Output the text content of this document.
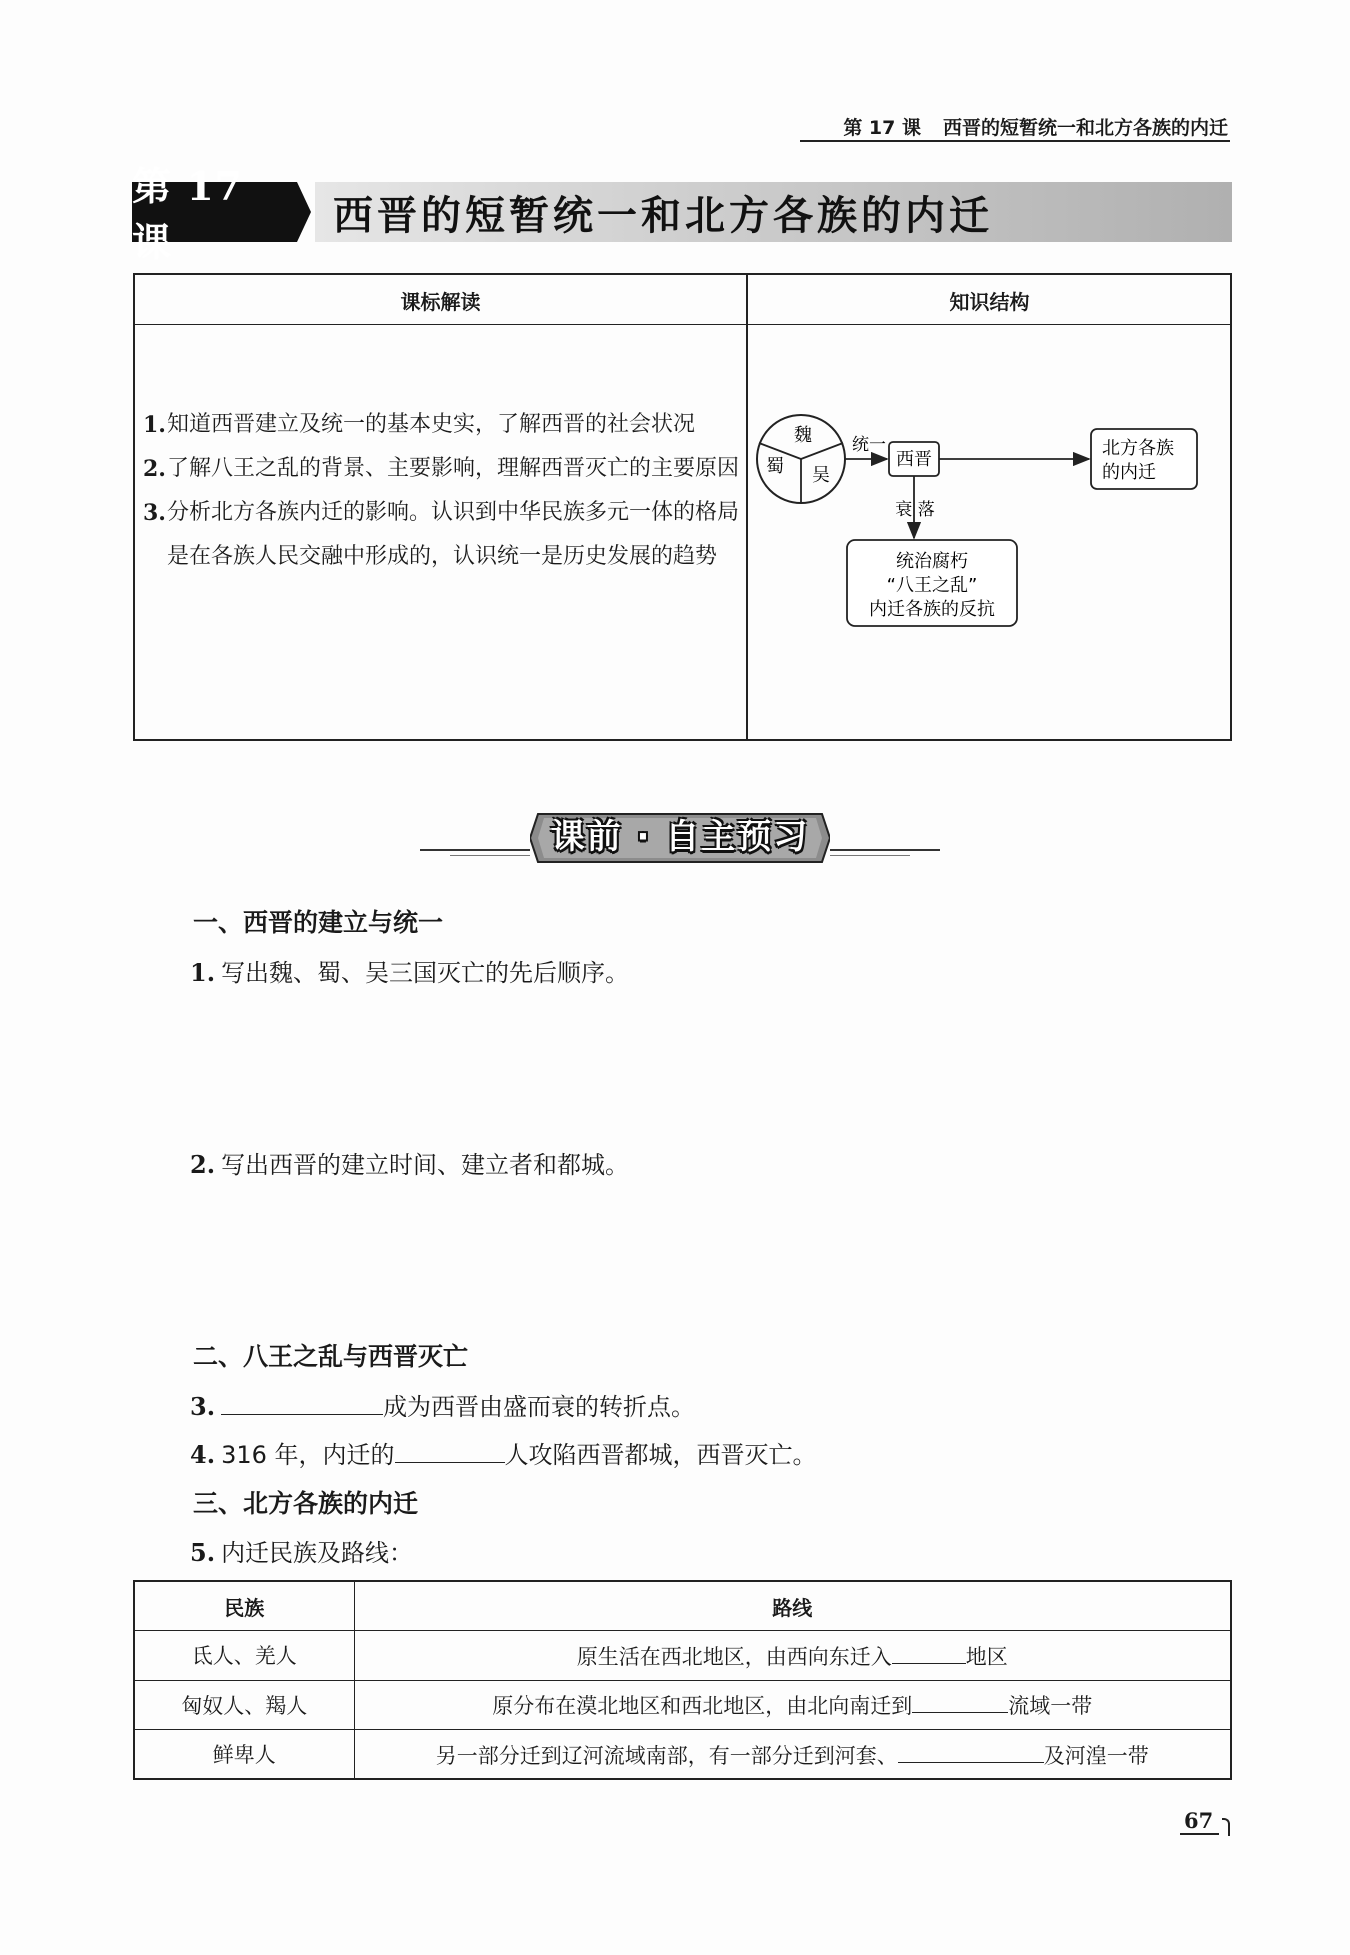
第 17 课 西晋的短暂统一和北方各族的内迁
第 17 课
西晋的短暂统一和北方各族的内迁
课标解读	知识结构
1. 知道西晋建立及统一的基本史实，了解西晋的社会状况
2. 了解八王之乱的背景、主要影响，理解西晋灭亡的主要原因
3. 分析北方各族内迁的影响。认识到中华民族多元一体的格局是在各族人民交融中形成的，认识统一是历史发展的趋势
魏
蜀 吴
统一
西晋
北方各族
的内迁
衰 落
统治腐朽
“八王之乱”
内迁各族的反抗
课前 · 自主预习
一、西晋的建立与统一
1. 写出魏、蜀、吴三国灭亡的先后顺序。
2. 写出西晋的建立时间、建立者和都城。
二、八王之乱与西晋灭亡
3.	成为西晋由盛而衰的转折点。
4. 316 年，内迁的	人攻陷西晋都城，西晋灭亡。
三、北方各族的内迁
5. 内迁民族及路线：
民族	路线
氐人、羌人	原生活在西北地区，由西向东迁入 地区
匈奴人、羯人	原分布在漠北地区和西北地区，由北向南迁到 流域一带
鲜卑人	另一部分迁到辽河流域南部，有一部分迁到河套、 及河湟一带
67
